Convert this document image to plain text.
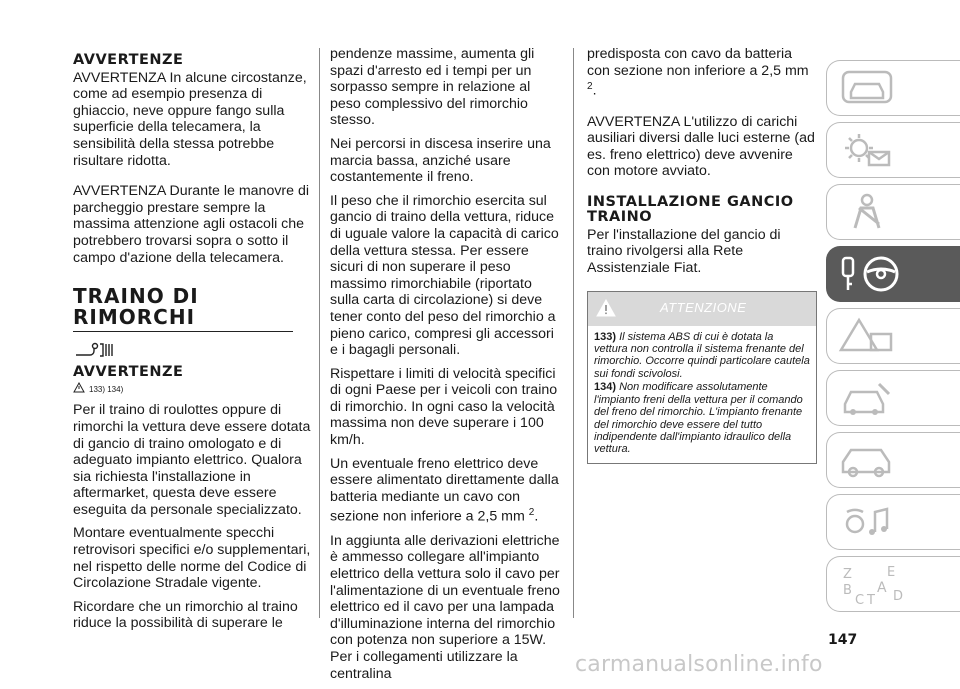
AVVERTENZE

AVVERTENZA In alcune circostanze, come ad esempio presenza di ghiaccio, neve oppure fango sulla superficie della telecamera, la sensibilità della stessa potrebbe risultare ridotta.

AVVERTENZA Durante le manovre di parcheggio prestare sempre la massima attenzione agli ostacoli che potrebbero trovarsi sopra o sotto il campo d'azione della telecamera.

TRAINO DI RIMORCHI
AVVERTENZE
133) 134)

Per il traino di roulottes oppure di rimorchi la vettura deve essere dotata di gancio di traino omologato e di adeguato impianto elettrico. Qualora sia richiesta l'installazione in aftermarket, questa deve essere eseguita da personale specializzato.

Montare eventualmente specchi retrovisori specifici e/o supplementari, nel rispetto delle norme del Codice di Circolazione Stradale vigente.

Ricordare che un rimorchio al traino riduce la possibilità di superare le

pendenze massime, aumenta gli spazi d'arresto ed i tempi per un sorpasso sempre in relazione al peso complessivo del rimorchio stesso.

Nei percorsi in discesa inserire una marcia bassa, anziché usare costantemente il freno.

Il peso che il rimorchio esercita sul gancio di traino della vettura, riduce di uguale valore la capacità di carico della vettura stessa. Per essere sicuri di non superare il peso massimo rimorchiabile (riportato sulla carta di circolazione) si deve tener conto del peso del rimorchio a pieno carico, compresi gli accessori e i bagagli personali.

Rispettare i limiti di velocità specifici di ogni Paese per i veicoli con traino di rimorchio. In ogni caso la velocità massima non deve superare i 100 km/h.

Un eventuale freno elettrico deve essere alimentato direttamente dalla batteria mediante un cavo con sezione non inferiore a 2,5 mm $^2$.

In aggiunta alle derivazioni elettriche è ammesso collegare all'impianto elettrico della vettura solo il cavo per l'alimentazione di un eventuale freno elettrico ed il cavo per una lampada d'illuminazione interna del rimorchio con potenza non superiore a 15W. Per i collegamenti utilizzare la centralina

predisposta con cavo da batteria con sezione non inferiore a 2,5 mm $^2$.

AVVERTENZA L'utilizzo di carichi ausiliari diversi dalle luci esterne (ad es. freno elettrico) deve avvenire con motore avviato.

INSTALLAZIONE GANCIO TRAINO

Per l'installazione del gancio di traino rivolgersi alla Rete Assistenziale Fiat.

ATTENZIONE

133) Il sistema ABS di cui è dotata la vettura non controlla il sistema frenante del rimorchio. Occorre quindi particolare cautela sui fondi scivolosi.

134) Non modificare assolutamente l'impianto freni della vettura per il comando del freno del rimorchio. L'impianto frenante del rimorchio deve essere del tutto indipendente dall'impianto idraulico della vettura.

Z	E
B A
C T D
147
carmanualsonline.info
